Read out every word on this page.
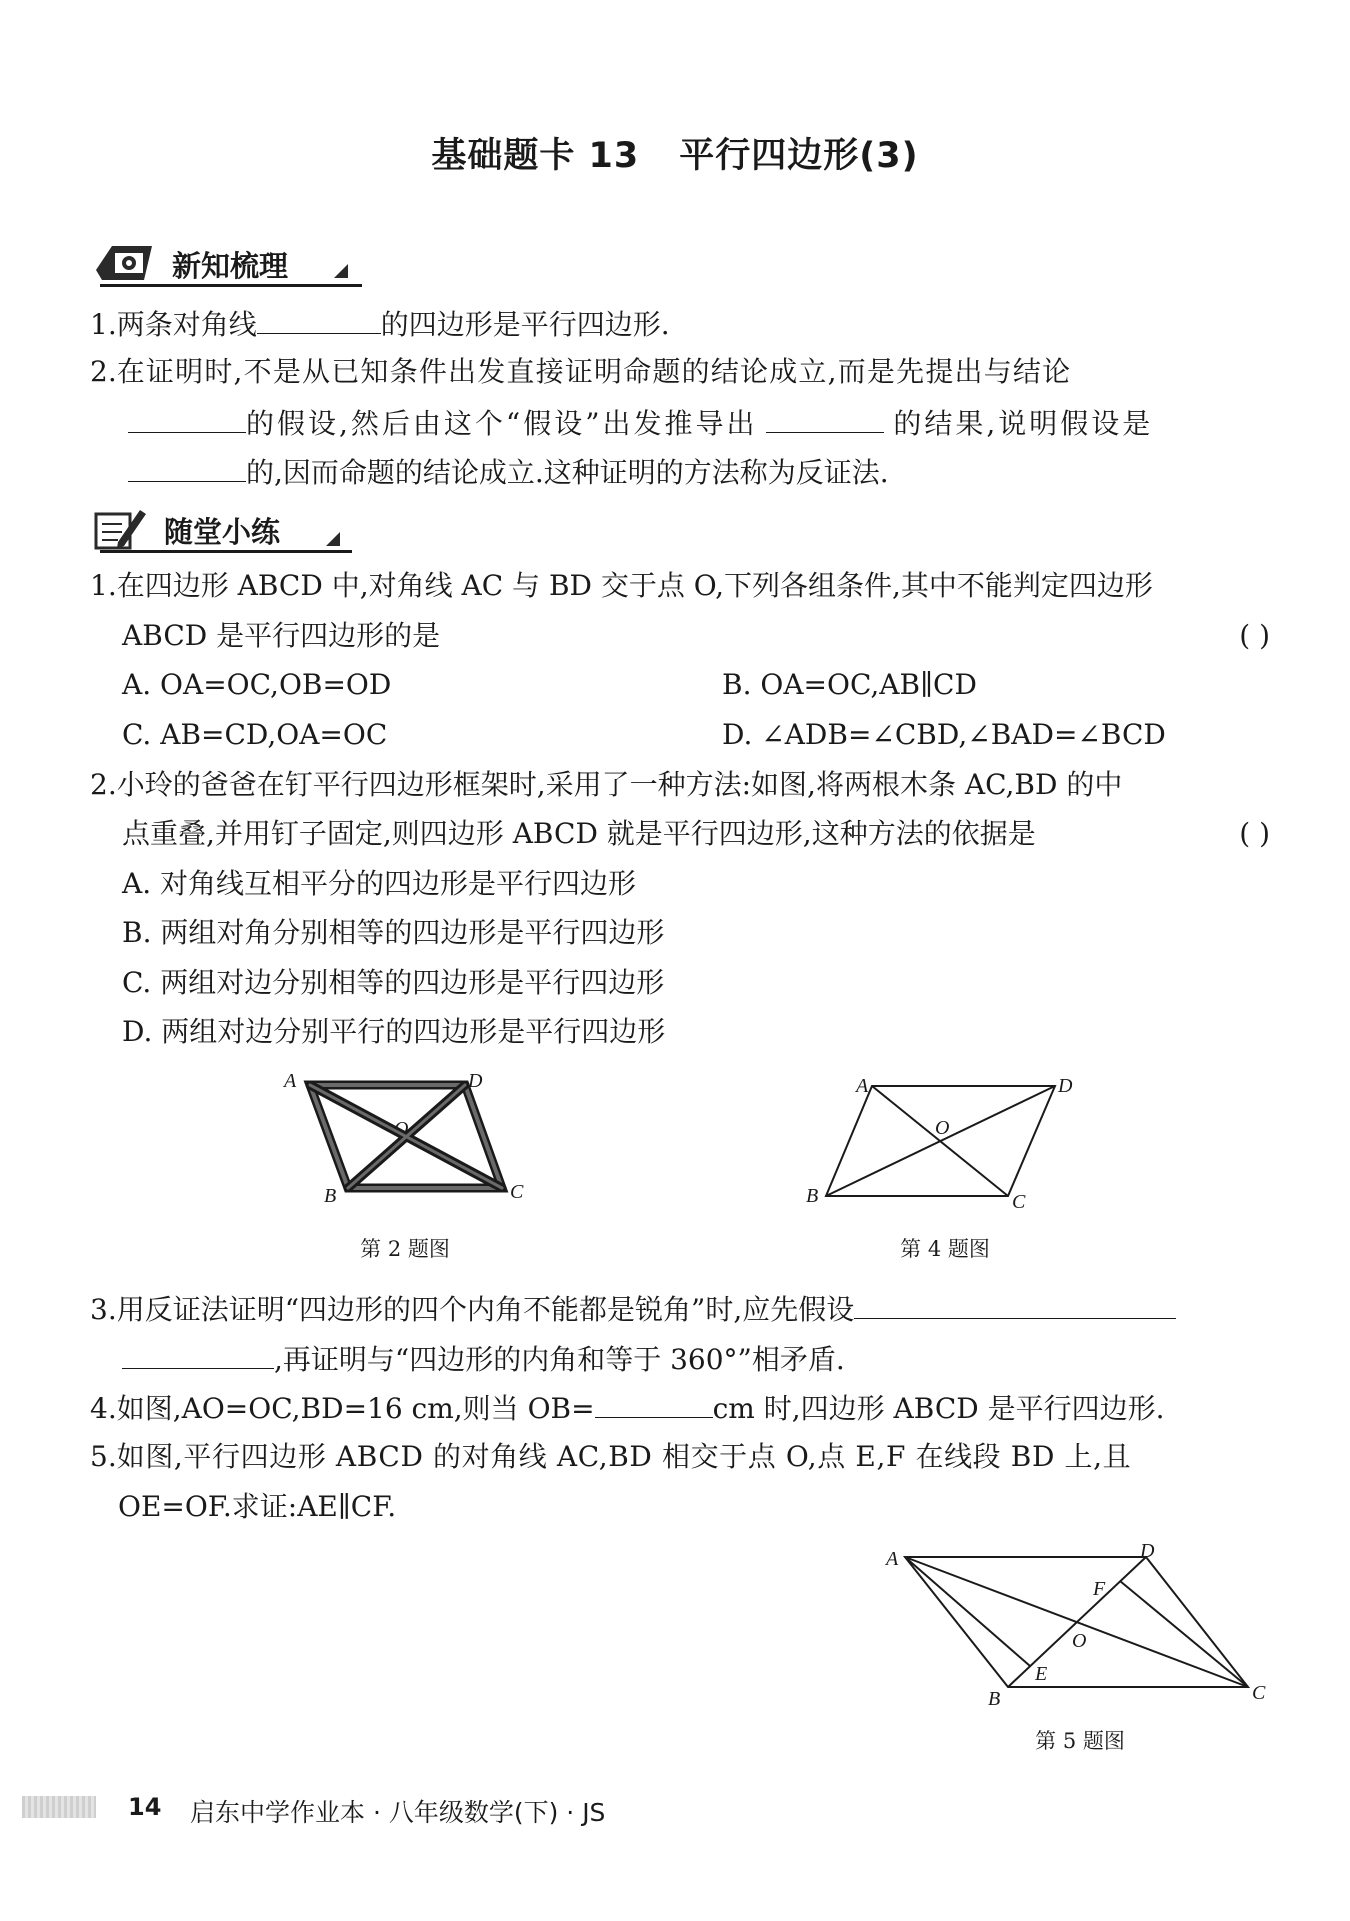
基础题卡 13 平行四边形(3)
新知梳理
1.两条对角线	的四边形是平行四边形.
2.在证明时,不是从已知条件出发直接证明命题的结论成立,而是先提出与结论
的假设,然后由这个“假设”出发推导出	的结果,说明假设是
的,因而命题的结论成立.这种证明的方法称为反证法.
随堂小练
1.在四边形 ABCD 中,对角线 AC 与 BD 交于点 O,下列各组条件,其中不能判定四边形
ABCD 是平行四边形的是	( )
A. OA=OC,OB=OD	B. OA=OC,AB∥CD
C. AB=CD,OA=OC	D. ∠ADB=∠CBD,∠BAD=∠BCD
2.小玲的爸爸在钉平行四边形框架时,采用了一种方法:如图,将两根木条 AC,BD 的中
点重叠,并用钉子固定,则四边形 ABCD 就是平行四边形,这种方法的依据是	( )
A. 对角线互相平分的四边形是平行四边形
B. 两组对角分别相等的四边形是平行四边形
C. 两组对边分别相等的四边形是平行四边形
D. 两组对边分别平行的四边形是平行四边形
A	D
B	C
O
第 2 题图
A	D
B	C
O
第 4 题图
3.用反证法证明“四边形的四个内角不能都是锐角”时,应先假设
,再证明与“四边形的内角和等于 360°”相矛盾.
4.如图,AO=OC,BD=16 cm,则当 OB=	cm 时,四边形 ABCD 是平行四边形.
5.如图,平行四边形 ABCD 的对角线 AC,BD 相交于点 O,点 E,F 在线段 BD 上,且
OE=OF.求证:AE∥CF.
A	D
B	C
O
E
F
第 5 题图
14 启东中学作业本 · 八年级数学(下) · JS
